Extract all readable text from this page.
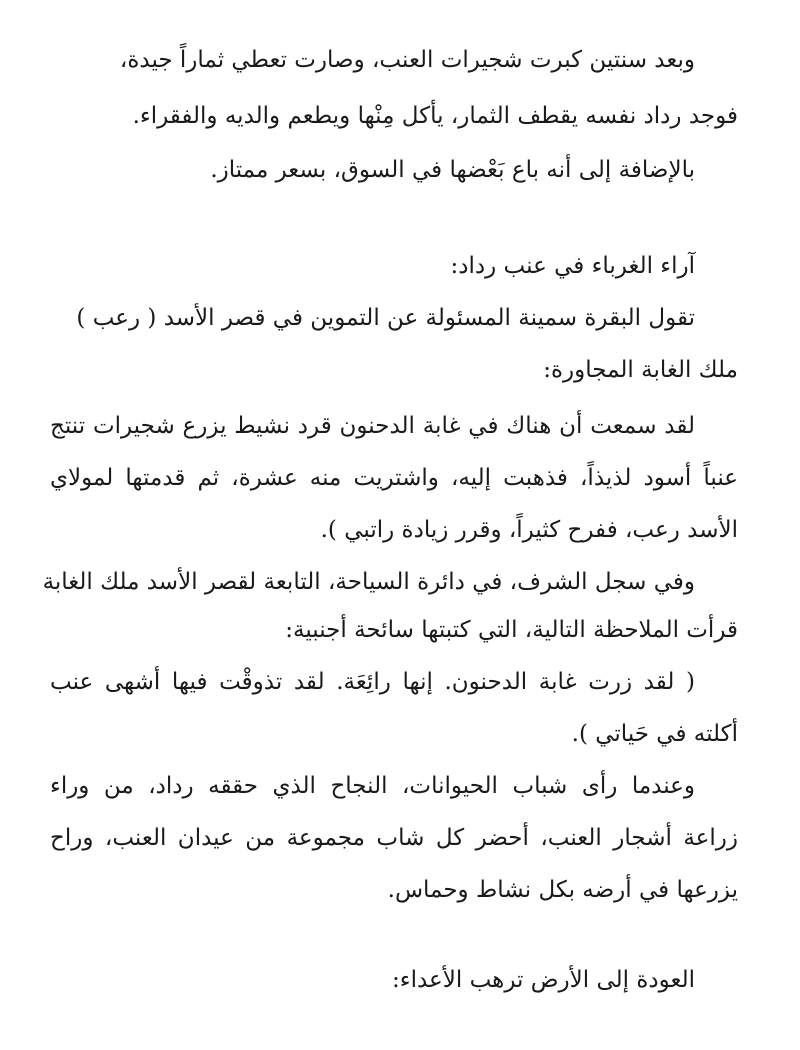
وبعد سنتين كبرت شجيرات العنب، وصارت تعطي ثماراً جيدة،
فوجد رداد نفسه يقطف الثمار، يأكل مِنْها ويطعم والديه والفقراء.
بالإضافة إلى أنه باع بَعْضها في السوق، بسعر ممتاز.
آراء الغرباء في عنب رداد:
تقول البقرة سمينة المسئولة عن التموين في قصر الأسد ( رعب )
ملك الغابة المجاورة:
لقد سمعت أن هناك في غابة الدحنون قرد نشيط يزرع شجيرات تنتج
عنباً أسود لذيذاً، فذهبت إليه، واشتريت منه عشرة، ثم قدمتها لمولاي
الأسد رعب، ففرح كثيراً، وقرر زيادة راتبي ).
وفي سجل الشرف، في دائرة السياحة، التابعة لقصر الأسد ملك الغابة
قرأت الملاحظة التالية، التي كتبتها سائحة أجنبية:
( لقد زرت غابة الدحنون. إنها رائِعَة. لقد تذوقْت فيها أشهى عنب
أكلته في حَياتي ).
وعندما رأى شباب الحيوانات، النجاح الذي حققه رداد، من وراء
زراعة أشجار العنب، أحضر كل شاب مجموعة من عيدان العنب، وراح
يزرعها في أرضه بكل نشاط وحماس.
العودة إلى الأرض ترهب الأعداء:
